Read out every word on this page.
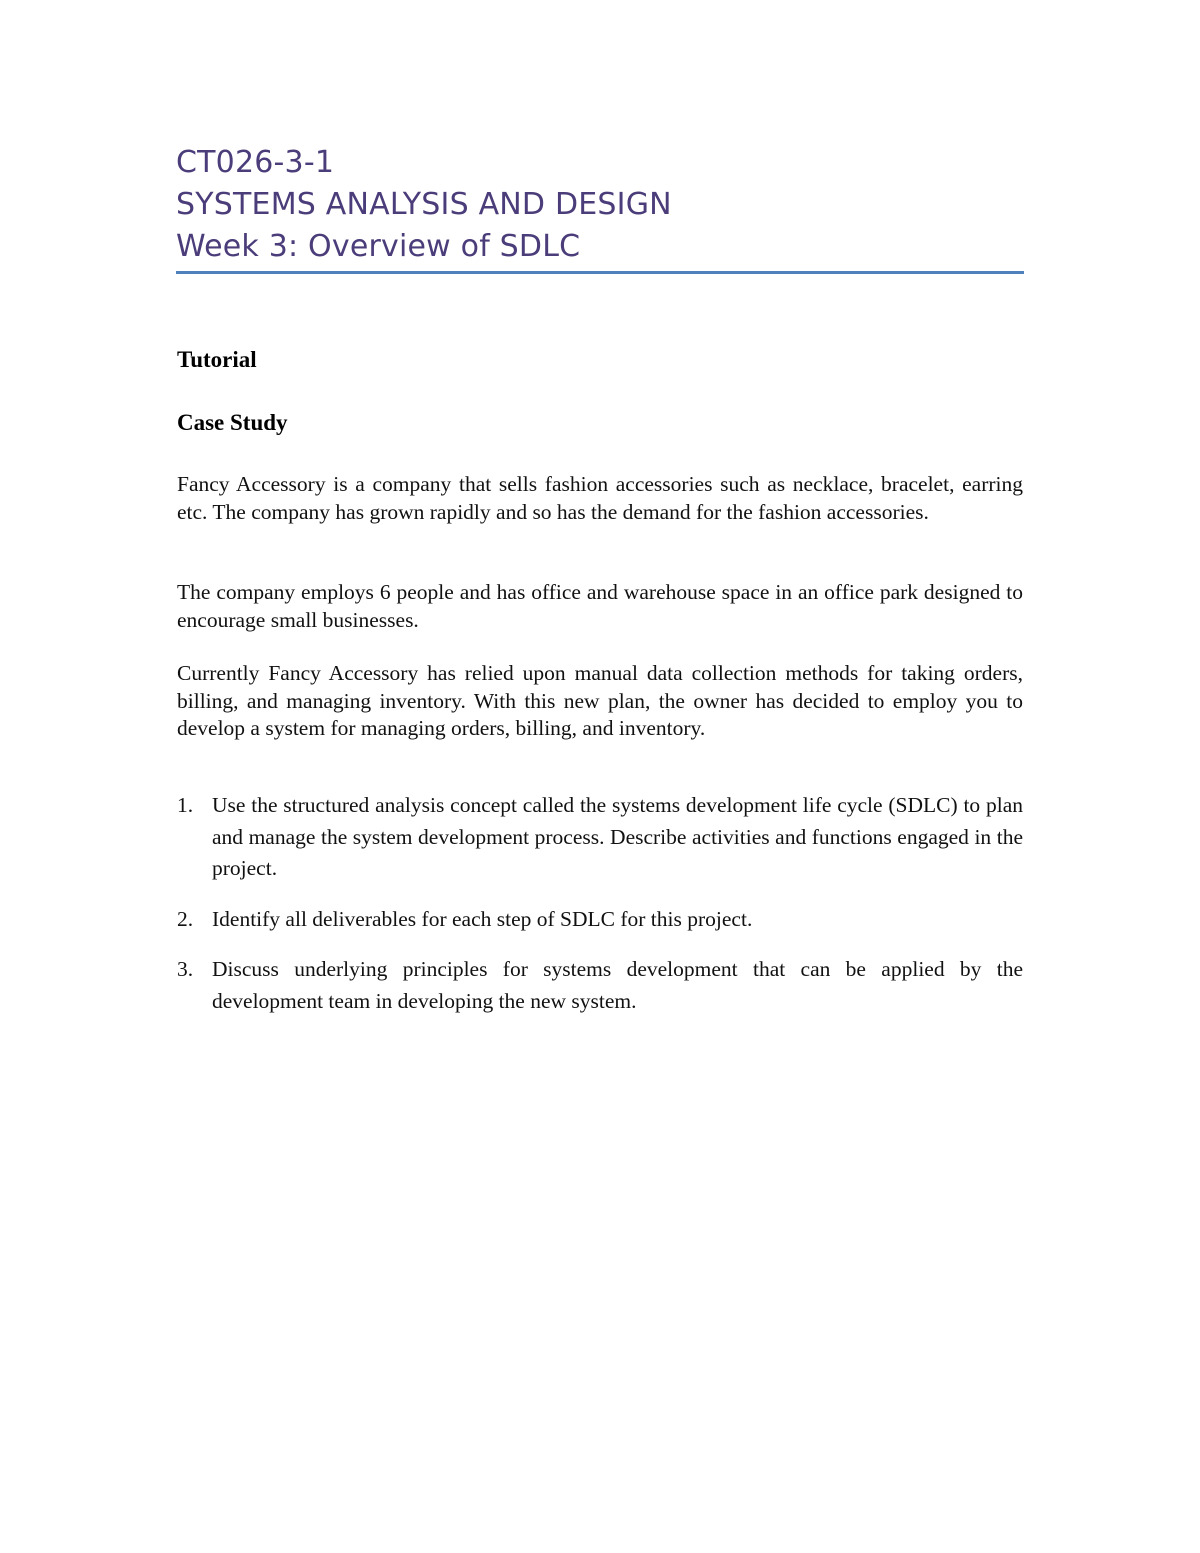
CT026-3-1
SYSTEMS ANALYSIS AND DESIGN
Week 3: Overview of SDLC
Tutorial
Case Study

Fancy Accessory is a company that sells fashion accessories such as necklace, bracelet, earring etc. The company has grown rapidly and so has the demand for the fashion accessories.

The company employs 6 people and has office and warehouse space in an office park designed to encourage small businesses.

Currently Fancy Accessory has relied upon manual data collection methods for taking orders, billing, and managing inventory. With this new plan, the owner has decided to employ you to develop a system for managing orders, billing, and inventory.

1. Use the structured analysis concept called the systems development life cycle (SDLC) to plan and manage the system development process. Describe activities and functions engaged in the project.
2. Identify all deliverables for each step of SDLC for this project.
3. Discuss underlying principles for systems development that can be applied by the development team in developing the new system.
